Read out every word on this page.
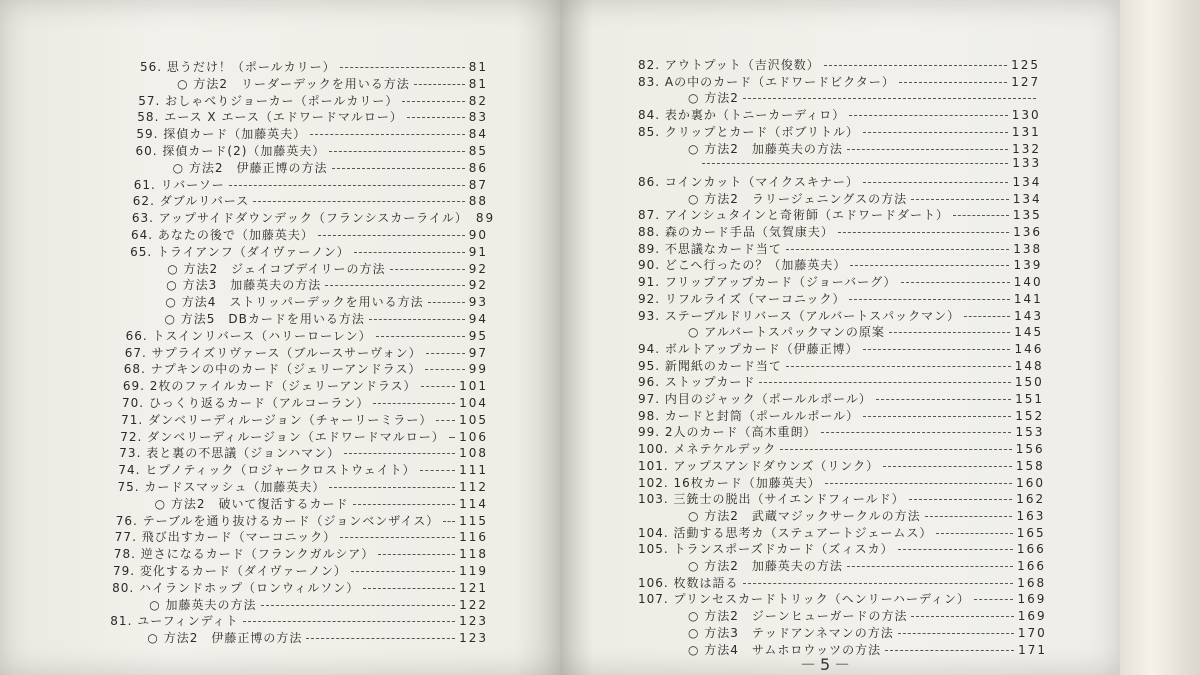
56. 思うだけ！（ポールカリー）	81
○ 方法2　リーダーデックを用いる方法	81
57. おしゃべりジョーカー（ポールカリー）	82
58. エース X エース（エドワードマルロー）	83
59. 探偵カード（加藤英夫）	84
60. 探偵カード(2)（加藤英夫）	85
○ 方法2　伊藤正博の方法	86
61. リバーソー	87
62. ダブルリバース	88
63. アップサイドダウンデック（フランシスカーライル） 89
64. あなたの後で（加藤英夫）	90
65. トライアンフ（ダイヴァーノン）	91
○ 方法2　ジェイコブデイリーの方法	92
○ 方法3　加藤英夫の方法	92
○ 方法4　ストリッパーデックを用いる方法	93
○ 方法5　DBカードを用いる方法	94
66. トスインリバース（ハリーローレン）	95
67. サプライズリヴァース（ブルースサーヴォン）	97
68. ナプキンの中のカード（ジェリーアンドラス）	99
69. 2枚のファイルカード（ジェリーアンドラス）	101
70. ひっくり返るカード（アルコーラン）	104
71. ダンベリーディルージョン（チャーリーミラー） 105
72. ダンベリーディルージョン（エドワードマルロー） 106
73. 表と裏の不思議（ジョンハマン）	108
74. ヒプノティック（ロジャークロストウェイト）	111
75. カードスマッシュ（加藤英夫）	112
○ 方法2　破いて復活するカード	114
76. テーブルを通り抜けるカード（ジョンベンザイス） 115
77. 飛び出すカード（マーコニック）	116
78. 逆さになるカード（フランクガルシア）	118
79. 変化するカード（ダイヴァーノン）	119
80. ハイランドホップ（ロンウィルソン）	121
○ 加藤英夫の方法	122
81. ユーフィンディト	123
○ 方法2　伊藤正博の方法	123
82. アウトプット（吉沢俊数）	125
83. Aの中のカード（エドワードビクター）	127
○ 方法2
84. 表か裏か（トニーカーディロ）	130
85. クリップとカード（ボブリトル）	131
○ 方法2　加藤英夫の方法	132
133
86. コインカット（マイクスキナー）	134
○ 方法2　ラリージェニングスの方法	134
87. アインシュタインと奇術師（エドワードダート）	135
88. 森のカード手品（気賀康夫）	136
89. 不思議なカード当て	138
90. どこへ行ったの？（加藤英夫）	139
91. フリップアップカード（ジョーバーグ）	140
92. リフルライズ（マーコニック）	141
93. ステープルドリバース（アルバートスパックマン）	143
○ アルバートスパックマンの原案	145
94. ボルトアップカード（伊藤正博）	146
95. 新聞紙のカード当て	148
96. ストップカード	150
97. 内目のジャック（ポールルポール）	151
98. カードと封筒（ポールルポール）	152
99. 2人のカード（高木重朗）	153
100. メネテケルデック	156
101. アップスアンドダウンズ（リンク）	158
102. 16枚カード（加藤英夫）	160
103. 三銃士の脱出（サイエンドフィールド）	162
○ 方法2　武蔵マジックサークルの方法	163
104. 活動する思考カ（ステュアートジェームス）	165
105. トランスポーズドカード（ズィスカ）	166
○ 方法2　加藤英夫の方法	166
106. 枚数は語る	168
107. プリンセスカードトリック（ヘンリーハーディン）	169
○ 方法2　ジーンヒューガードの方法	169
○ 方法3　テッドアンネマンの方法	170
○ 方法4　サムホロウッツの方法	171
－5－
